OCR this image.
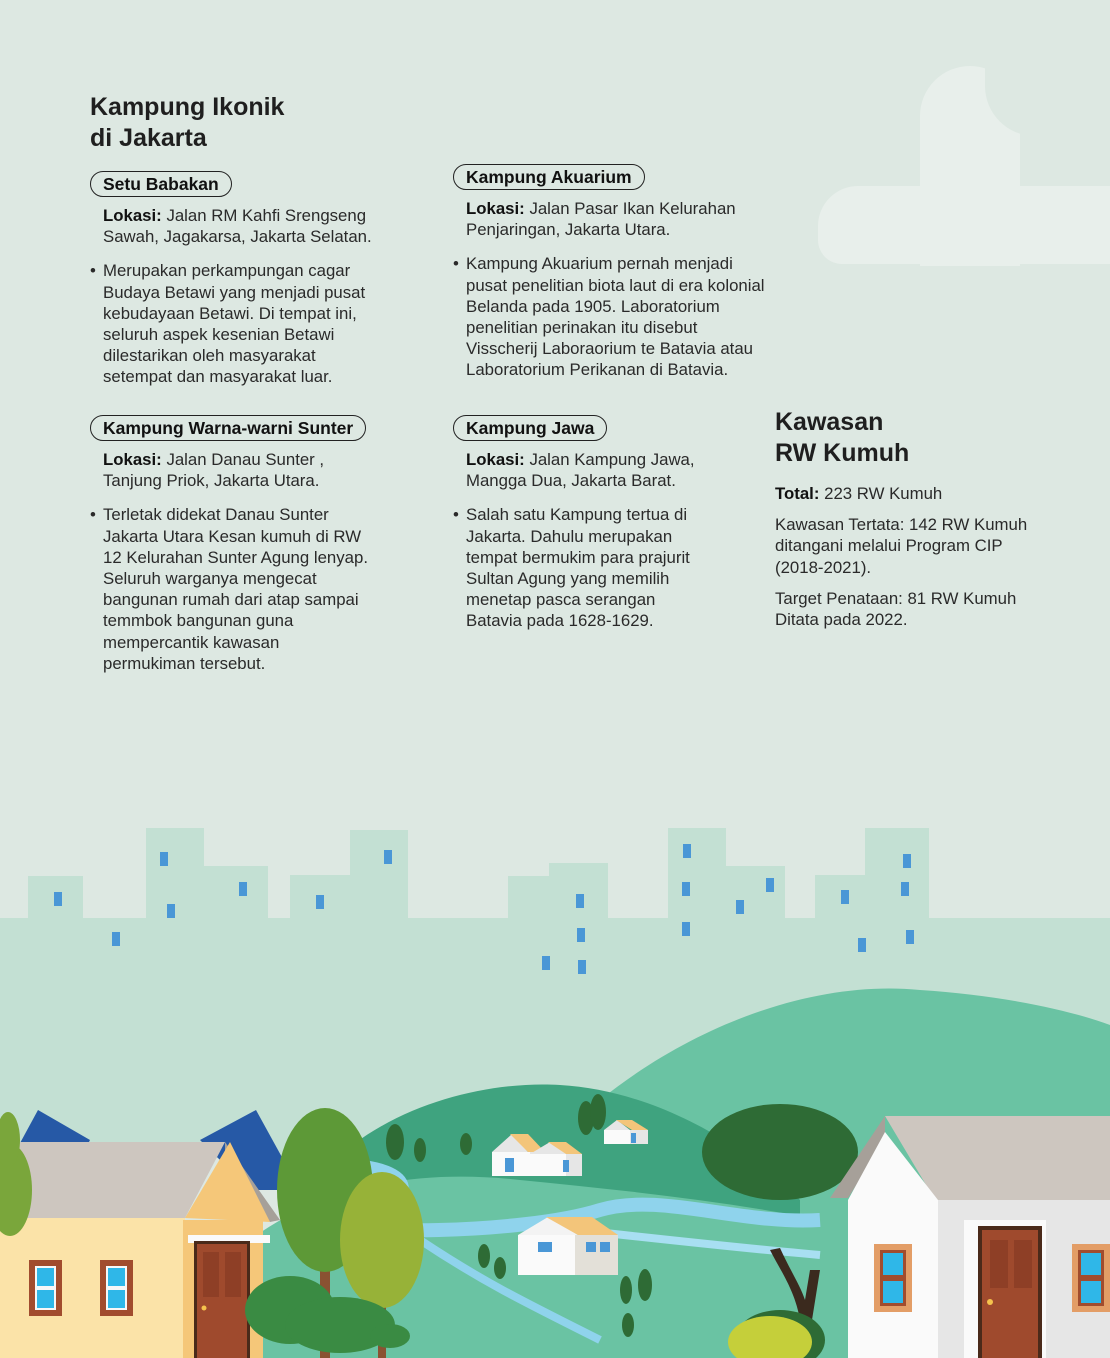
Kampung Ikonik
di Jakarta
Setu Babakan
Lokasi: Jalan RM Kahfi Srengseng
Sawah, Jagakarsa, Jakarta Selatan.
• Merupakan perkampungan cagar
Budaya Betawi yang menjadi pusat
kebudayaan Betawi. Di tempat ini,
seluruh aspek kesenian Betawi
dilestarikan oleh masyarakat
setempat dan masyarakat luar.
Kampung Akuarium
Lokasi: Jalan Pasar Ikan Kelurahan
Penjaringan, Jakarta Utara.
• Kampung Akuarium pernah menjadi
pusat penelitian biota laut di era kolonial
Belanda pada 1905. Laboratorium
penelitian perinakan itu disebut
Visscherij Laboraorium te Batavia atau
Laboratorium Perikanan di Batavia.
Kampung Warna-warni Sunter
Lokasi: Jalan Danau Sunter ,
Tanjung Priok, Jakarta Utara.
• Terletak didekat Danau Sunter
Jakarta Utara Kesan kumuh di RW
12 Kelurahan Sunter Agung lenyap.
Seluruh warganya mengecat
bangunan rumah dari atap sampai
temmbok bangunan guna
mempercantik kawasan
permukiman tersebut.
Kampung Jawa
Lokasi: Jalan Kampung Jawa,
Mangga Dua, Jakarta Barat.
• Salah satu Kampung tertua di
Jakarta. Dahulu merupakan
tempat bermukim para prajurit
Sultan Agung yang memilih
menetap pasca serangan
Batavia pada 1628-1629.
Kawasan
RW Kumuh

Total: 223 RW Kumuh

Kawasan Tertata: 142 RW Kumuh
ditangani melalui Program CIP
(2018-2021).

Target Penataan: 81 RW Kumuh
Ditata pada 2022.
